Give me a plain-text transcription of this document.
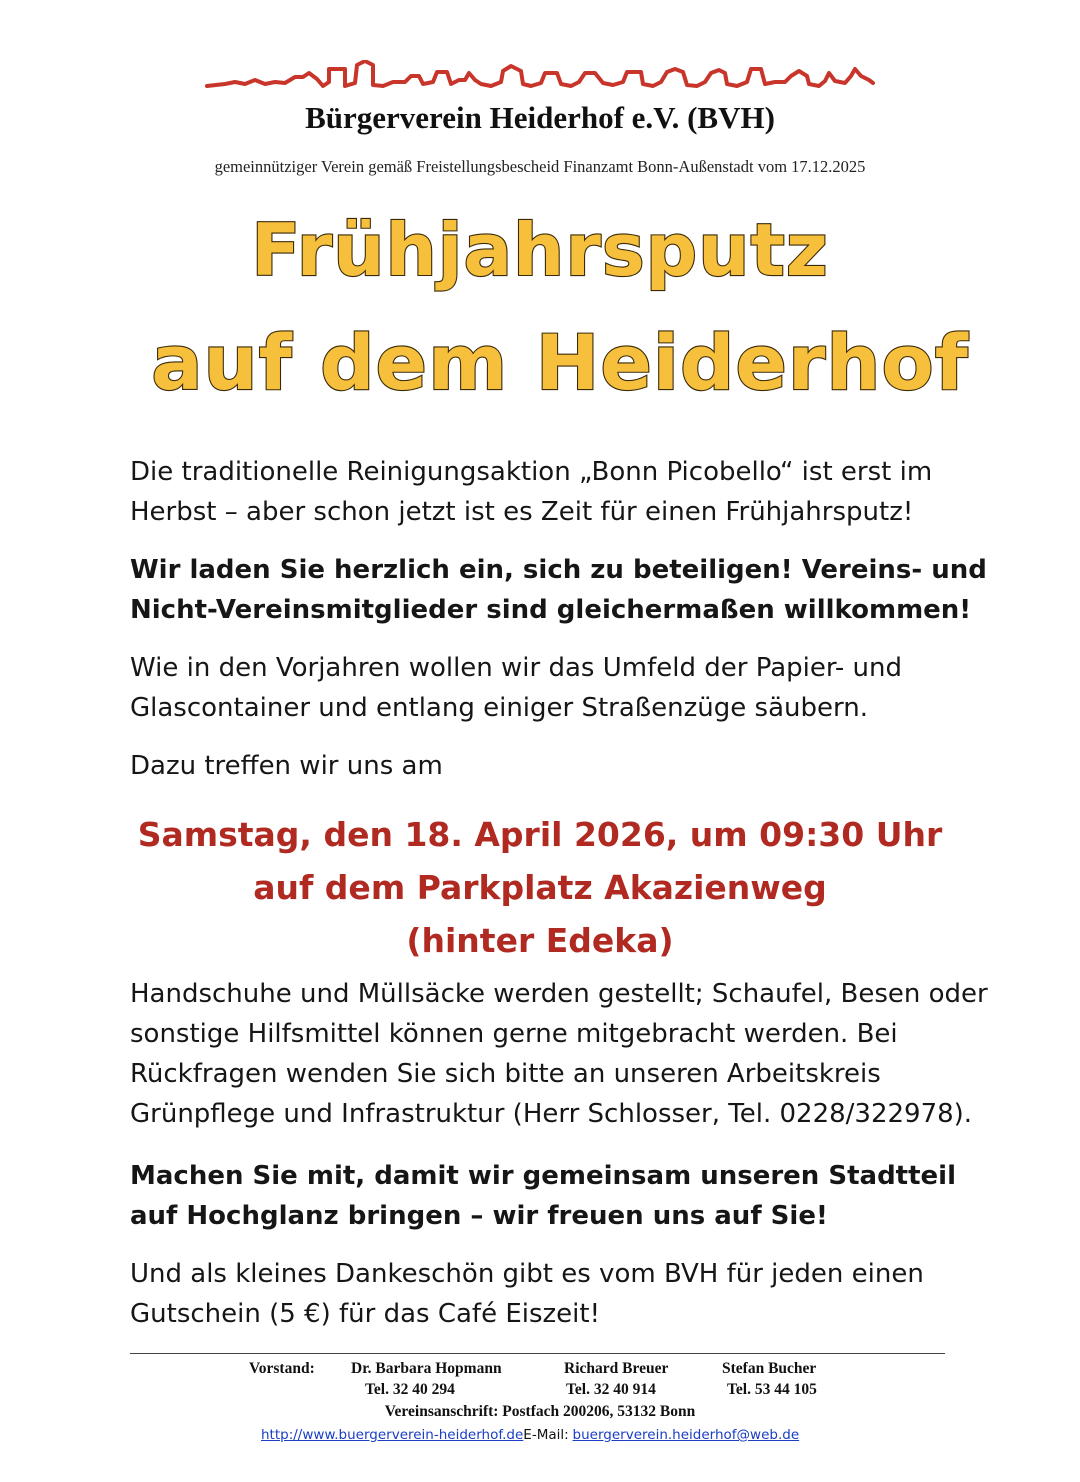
Bürgerverein Heiderhof e.V. (BVH)
gemeinnütziger Verein gemäß Freistellungsbescheid Finanzamt Bonn-Außenstadt vom 17.12.2025
Frühjahrsputz
auf dem Heiderhof

Die traditionelle Reinigungsaktion „Bonn Picobello“ ist erst im Herbst – aber schon jetzt ist es Zeit für einen Frühjahrsputz!

Wir laden Sie herzlich ein, sich zu beteiligen! Vereins- und Nicht-Vereinsmitglieder sind gleichermaßen willkommen!

Wie in den Vorjahren wollen wir das Umfeld der Papier- und Glascontainer und entlang einiger Straßenzüge säubern.

Dazu treffen wir uns am

Samstag, den 18. April 2026, um 09:30 Uhr
auf dem Parkplatz Akazienweg
(hinter Edeka)

Handschuhe und Müllsäcke werden gestellt; Schaufel, Besen oder sonstige Hilfsmittel können gerne mitgebracht werden. Bei Rückfragen wenden Sie sich bitte an unseren Arbeitskreis Grünpflege und Infrastruktur (Herr Schlosser, Tel. 0228/322978).

Machen Sie mit, damit wir gemeinsam unseren Stadtteil auf Hochglanz bringen – wir freuen uns auf Sie!

Und als kleines Dankeschön gibt es vom BVH für jeden einen Gutschein (5 €) für das Café Eiszeit!

Vorstand: Dr. Barbara Hopmann	Richard Breuer	Stefan Bucher
Tel. 32 40 294	Tel. 32 40 914	Tel. 53 44 105
Vereinsanschrift: Postfach 200206, 53132 Bonn
http://www.buergerverein-heiderhof.deE-Mail: buergerverein.heiderhof@web.de
